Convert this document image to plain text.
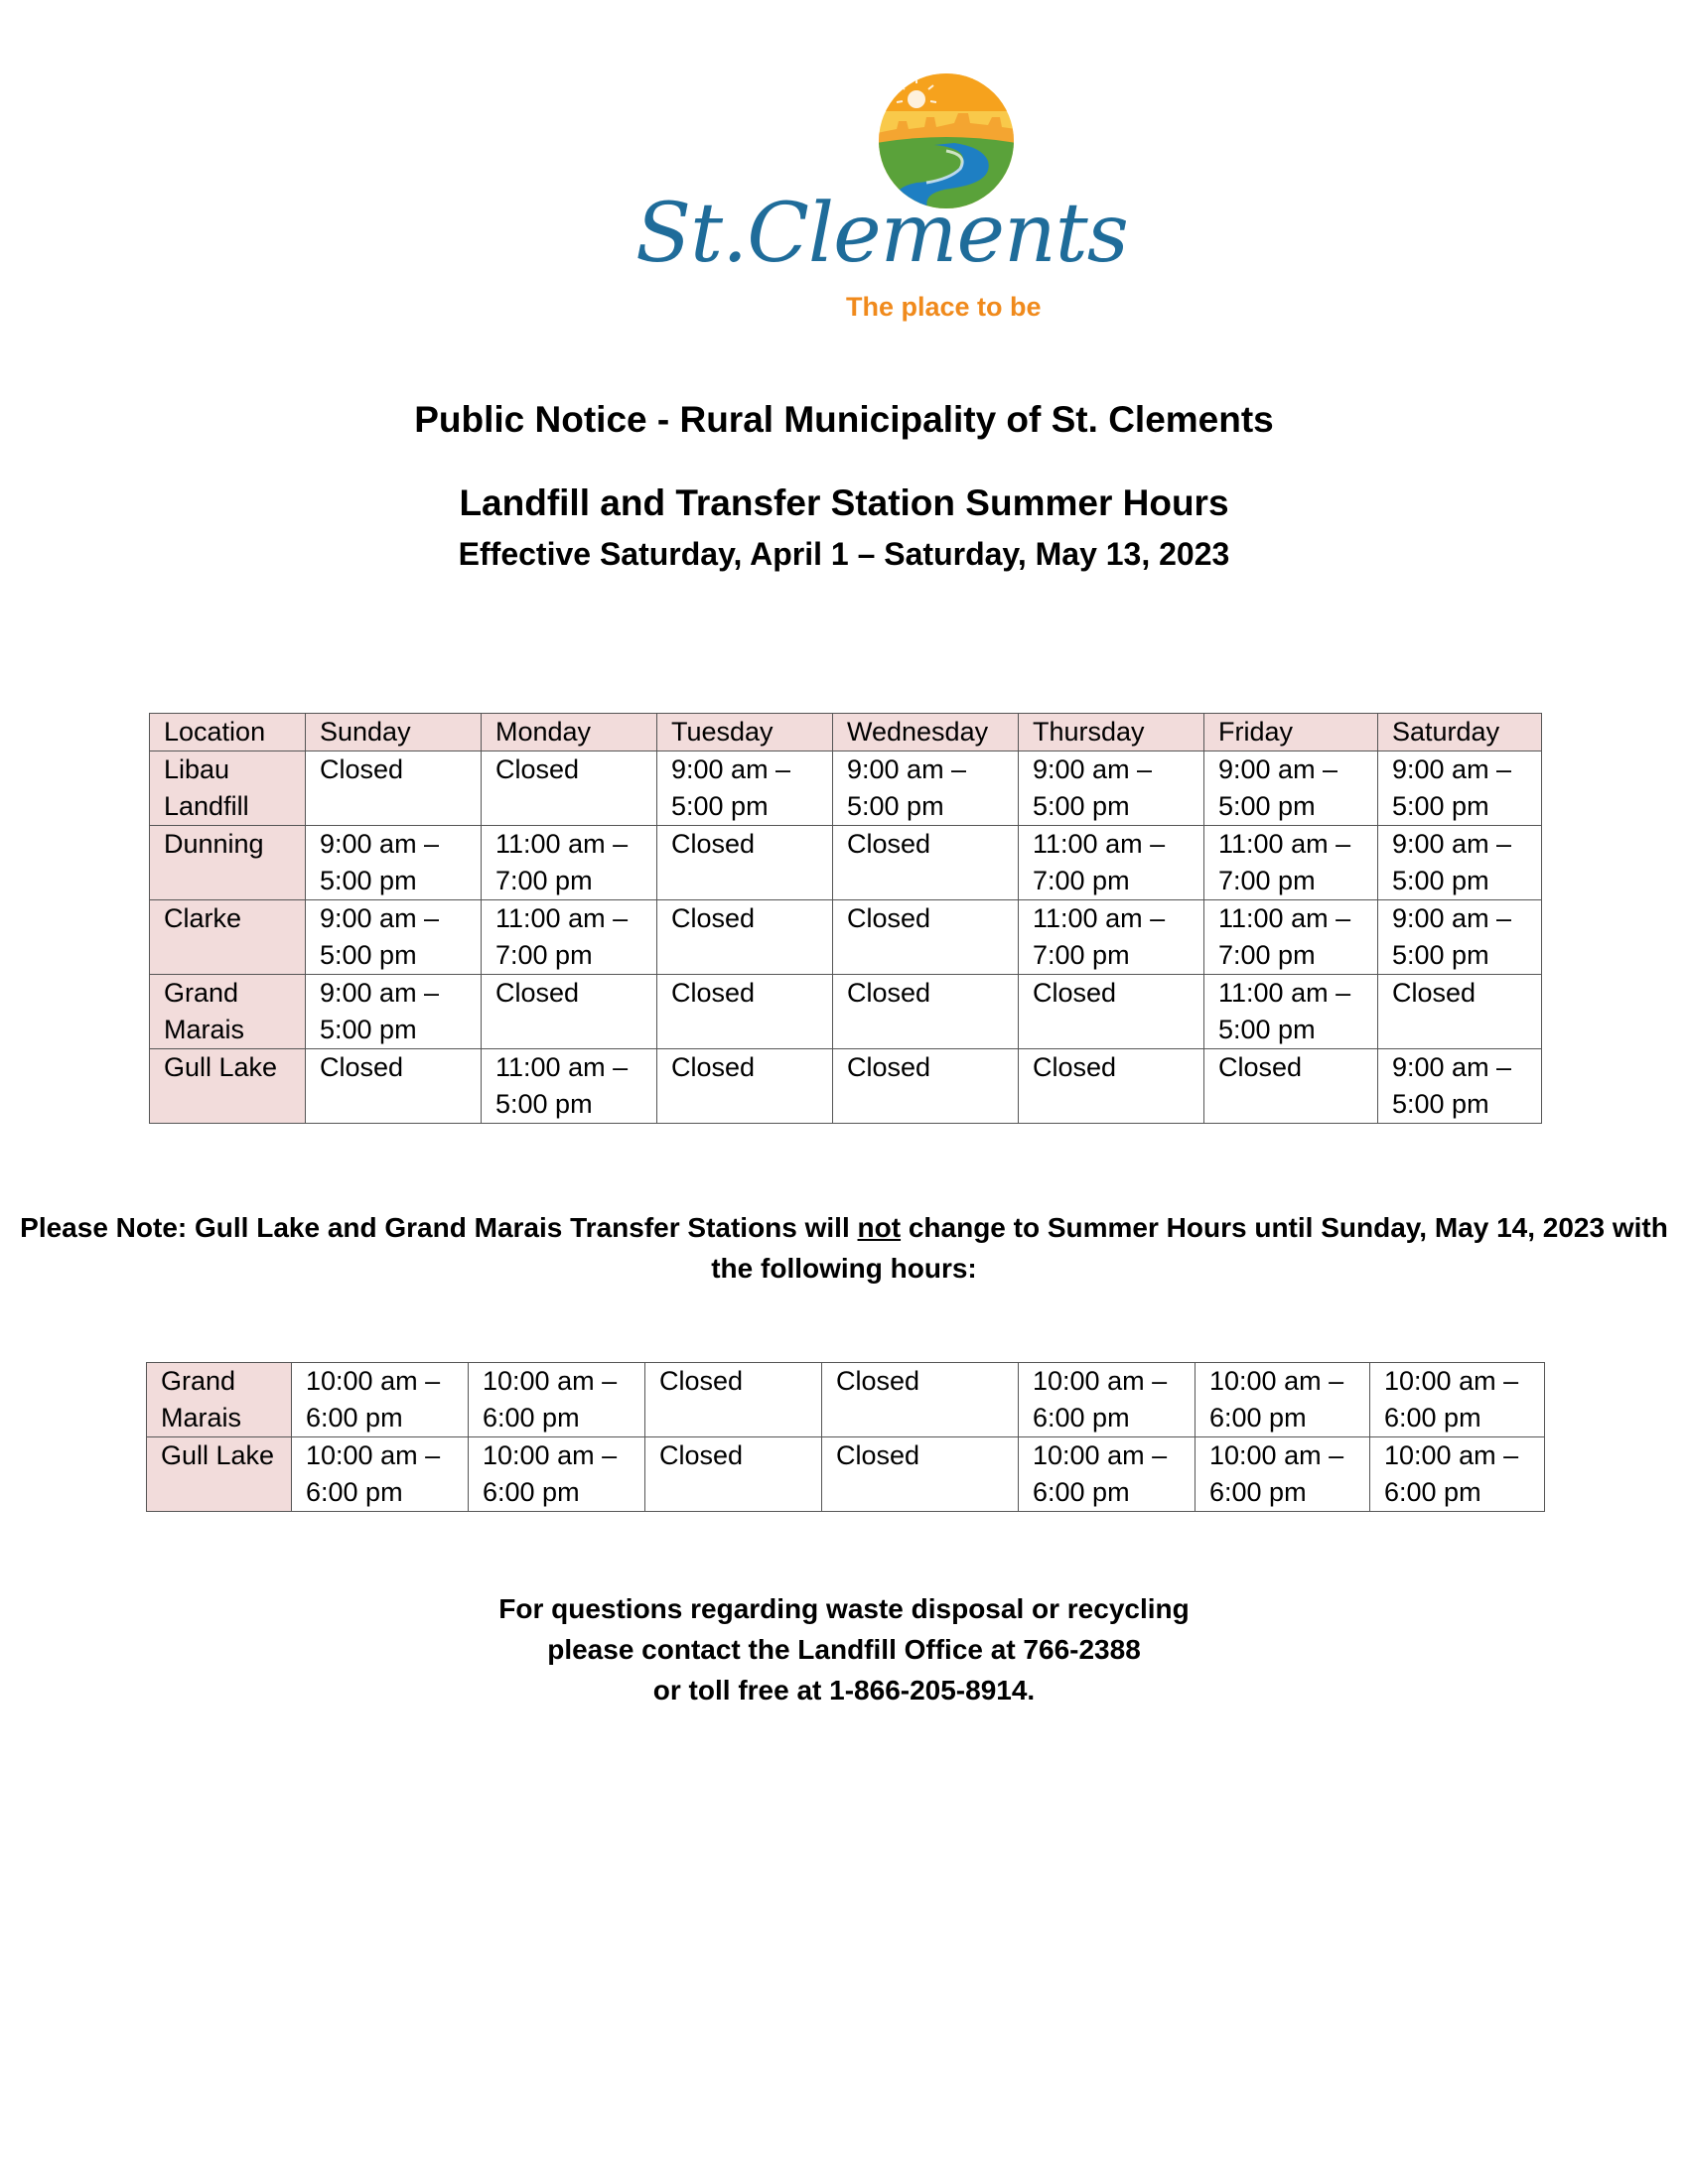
St.Clements
The place to be
Public Notice - Rural Municipality of St. Clements
Landfill and Transfer Station Summer Hours
Effective Saturday, April 1 – Saturday, May 13, 2023
Location	Sunday	Monday	Tuesday	Wednesday	Thursday	Friday	Saturday
Libau Landfill	Closed	Closed	9:00 am – 5:00 pm	9:00 am – 5:00 pm	9:00 am – 5:00 pm	9:00 am – 5:00 pm	9:00 am – 5:00 pm
Dunning	9:00 am – 5:00 pm	11:00 am – 7:00 pm	Closed	Closed	11:00 am – 7:00 pm	11:00 am – 7:00 pm	9:00 am – 5:00 pm
Clarke	9:00 am – 5:00 pm	11:00 am – 7:00 pm	Closed	Closed	11:00 am – 7:00 pm	11:00 am – 7:00 pm	9:00 am – 5:00 pm
Grand Marais	9:00 am – 5:00 pm	Closed	Closed	Closed	Closed	11:00 am – 5:00 pm	Closed
Gull Lake	Closed	11:00 am – 5:00 pm	Closed	Closed	Closed	Closed	9:00 am – 5:00 pm
Please Note: Gull Lake and Grand Marais Transfer Stations will not change to Summer Hours until Sunday, May 14, 2023 with the following hours:
Grand Marais	10:00 am – 6:00 pm	10:00 am – 6:00 pm	Closed	Closed	10:00 am – 6:00 pm	10:00 am – 6:00 pm	10:00 am – 6:00 pm
Gull Lake	10:00 am – 6:00 pm	10:00 am – 6:00 pm	Closed	Closed	10:00 am – 6:00 pm	10:00 am – 6:00 pm	10:00 am – 6:00 pm
For questions regarding waste disposal or recycling
please contact the Landfill Office at 766-2388
or toll free at 1-866-205-8914.
